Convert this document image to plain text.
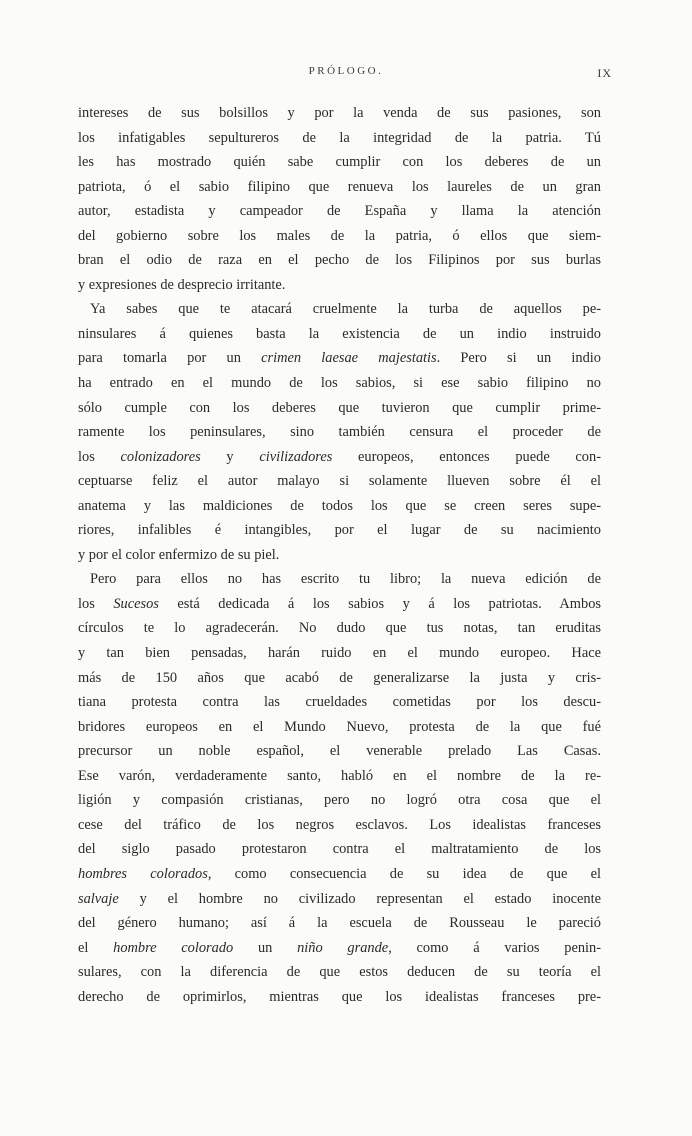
PRÓLOGO.	IX
intereses de sus bolsillos y por la venda de sus pasiones, son
los infatigables sepultureros de la integridad de la patria. Tú
les has mostrado quién sabe cumplir con los deberes de un
patriota, ó el sabio filipino que renueva los laureles de un gran
autor, estadista y campeador de España y llama la atención
del gobierno sobre los males de la patria, ó ellos que siem-
bran el odio de raza en el pecho de los Filipinos por sus burlas
y expresiones de desprecio irritante.
Ya sabes que te atacará cruelmente la turba de aquellos pe-
ninsulares á quienes basta la existencia de un indio instruido
para tomarla por un crimen laesae majestatis. Pero si un indio
ha entrado en el mundo de los sabios, si ese sabio filipino no
sólo cumple con los deberes que tuvieron que cumplir prime-
ramente los peninsulares, sino también censura el proceder de
los colonizadores y civilizadores europeos, entonces puede con-
ceptuarse feliz el autor malayo si solamente llueven sobre él el
anatema y las maldiciones de todos los que se creen seres supe-
riores, infalibles é intangibles, por el lugar de su nacimiento
y por el color enfermizo de su piel.
Pero para ellos no has escrito tu libro; la nueva edición de
los Sucesos está dedicada á los sabios y á los patriotas. Ambos
círculos te lo agradecerán. No dudo que tus notas, tan eruditas
y tan bien pensadas, harán ruido en el mundo europeo. Hace
más de 150 años que acabó de generalizarse la justa y cris-
tiana protesta contra las crueldades cometidas por los descu-
bridores europeos en el Mundo Nuevo, protesta de la que fué
precursor un noble español, el venerable prelado Las Casas.
Ese varón, verdaderamente santo, habló en el nombre de la re-
ligión y compasión cristianas, pero no logró otra cosa que el
cese del tráfico de los negros esclavos. Los idealistas franceses
del siglo pasado protestaron contra el maltratamiento de los
hombres colorados, como consecuencia de su idea de que el
salvaje y el hombre no civilizado representan el estado inocente
del género humano; así á la escuela de Rousseau le pareció
el hombre colorado un niño grande, como á varios penin-
sulares, con la diferencia de que estos deducen de su teoría el
derecho de oprimirlos, mientras que los idealistas franceses pre-
